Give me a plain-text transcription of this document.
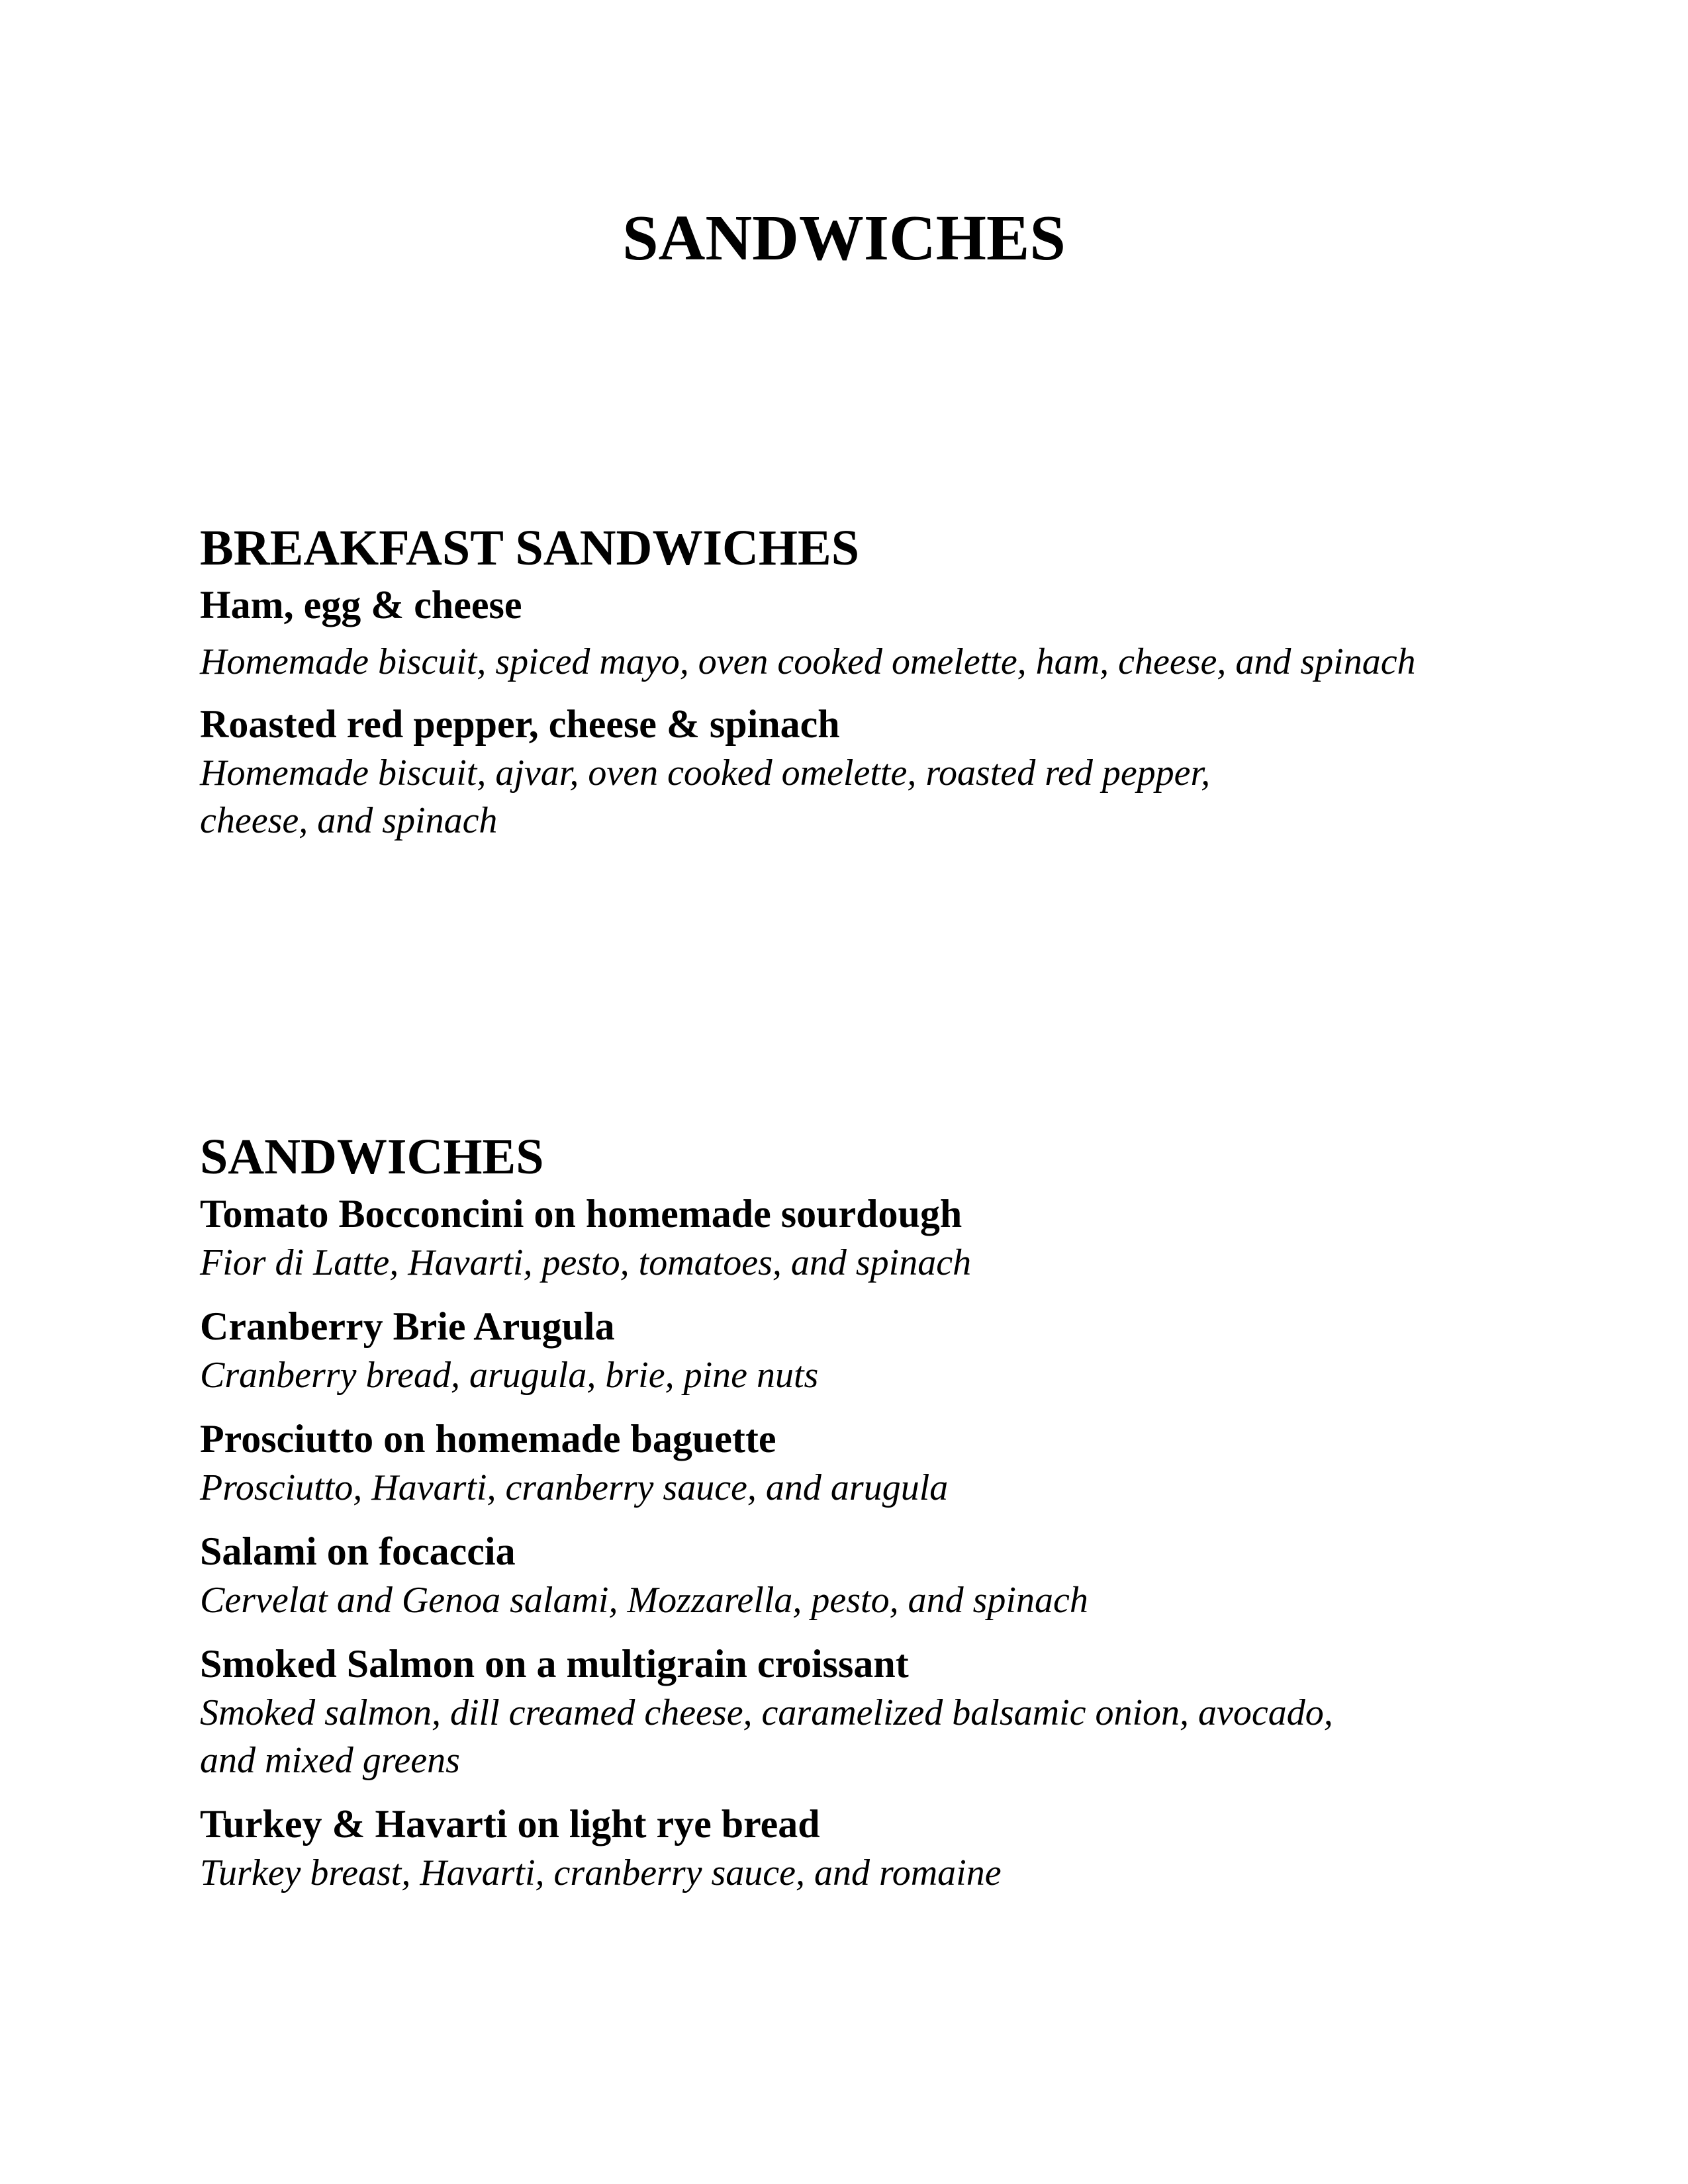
SANDWICHES
BREAKFAST SANDWICHES

Ham, egg & cheese

Homemade biscuit, spiced mayo, oven cooked omelette, ham, cheese, and spinach

Roasted red pepper, cheese & spinach

Homemade biscuit, ajvar, oven cooked omelette, roasted red pepper,

cheese, and spinach

SANDWICHES

Tomato Bocconcini on homemade sourdough

Fior di Latte, Havarti, pesto, tomatoes, and spinach

Cranberry Brie Arugula

Cranberry bread, arugula, brie, pine nuts

Prosciutto on homemade baguette

Prosciutto, Havarti, cranberry sauce, and arugula

Salami on focaccia

Cervelat and Genoa salami, Mozzarella, pesto, and spinach

Smoked Salmon on a multigrain croissant

Smoked salmon, dill creamed cheese, caramelized balsamic onion, avocado,

and mixed greens

Turkey & Havarti on light rye bread

Turkey breast, Havarti, cranberry sauce, and romaine
